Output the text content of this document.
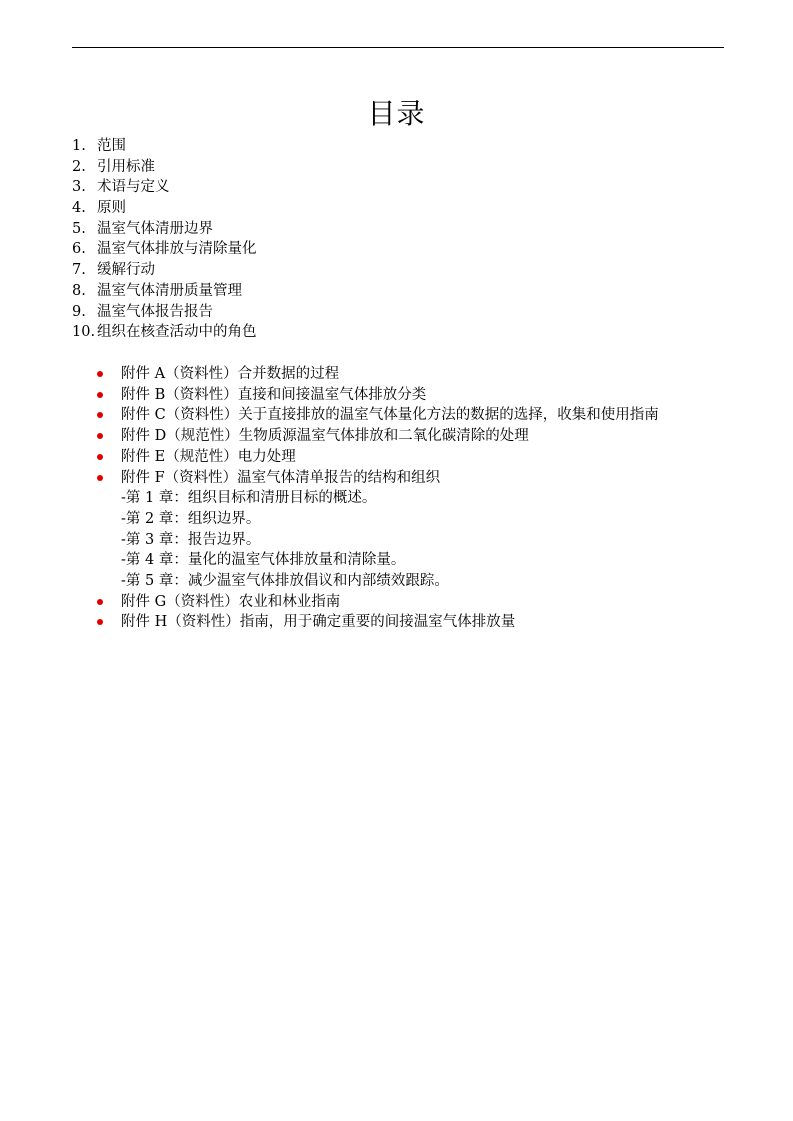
目录
1. 范围
2. 引用标准
3. 术语与定义
4. 原则
5. 温室气体清册边界
6. 温室气体排放与清除量化
7. 缓解行动
8. 温室气体清册质量管理
9. 温室气体报告报告
10. 组织在核查活动中的角色
附件 A（资料性）合并数据的过程
附件 B（资料性）直接和间接温室气体排放分类
附件 C（资料性）关于直接排放的温室气体量化方法的数据的选择，收集和使用指南
附件 D（规范性）生物质源温室气体排放和二氧化碳清除的处理
附件 E（规范性）电力处理
附件 F（资料性）温室气体清单报告的结构和组织
-第 1 章：组织目标和清册目标的概述。
-第 2 章：组织边界。
-第 3 章：报告边界。
-第 4 章：量化的温室气体排放量和清除量。
-第 5 章：减少温室气体排放倡议和内部绩效跟踪。
附件 G（资料性）农业和林业指南
附件 H（资料性）指南，用于确定重要的间接温室气体排放量
